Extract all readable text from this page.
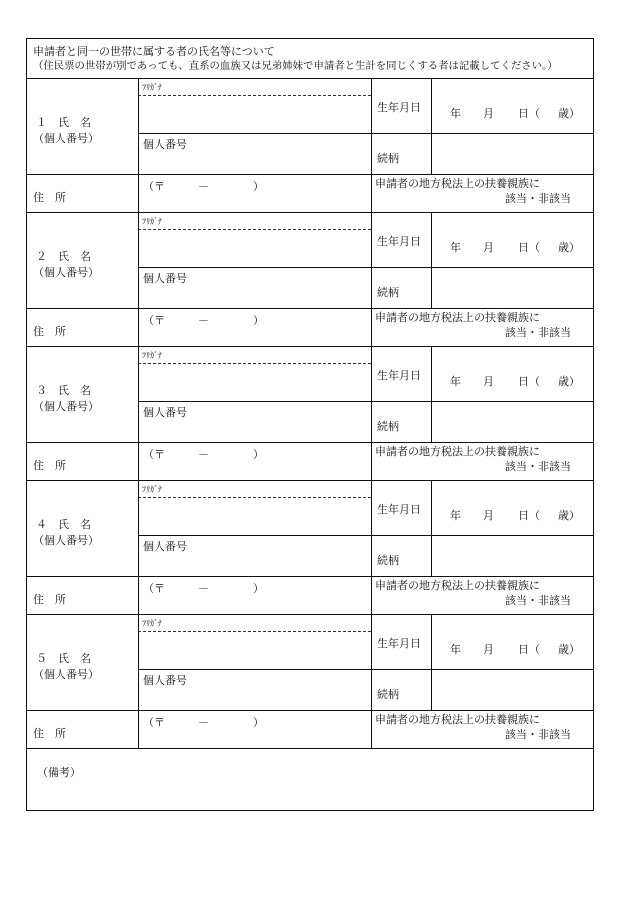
申請者と同一の世帯に属する者の氏名等について
（住民票の世帯が別であっても、直系の血族又は兄弟姉妹で申請者と生計を同じくする者は記載してください。）
１　氏　名
（個人番号）
ﾌﾘｶﾞﾅ
個人番号
生年月日	年 月 日（ 歳）
続柄
住　所
（〒　　　－　　　　）	申請者の地方税法上の扶養親族に
該当・非該当
２　氏　名
（個人番号）
ﾌﾘｶﾞﾅ
個人番号
生年月日	年 月 日（ 歳）
続柄
住　所
（〒　　　－　　　　）	申請者の地方税法上の扶養親族に
該当・非該当
３　氏　名
（個人番号）
ﾌﾘｶﾞﾅ
個人番号
生年月日	年 月 日（ 歳）
続柄
住　所
（〒　　　－　　　　）	申請者の地方税法上の扶養親族に
該当・非該当
４　氏　名
（個人番号）
ﾌﾘｶﾞﾅ
個人番号
生年月日	年 月 日（ 歳）
続柄
住　所
（〒　　　－　　　　）	申請者の地方税法上の扶養親族に
該当・非該当
５　氏　名
（個人番号）
ﾌﾘｶﾞﾅ
個人番号
生年月日	年 月 日（ 歳）
続柄
住　所
（〒　　　－　　　　）	申請者の地方税法上の扶養親族に
該当・非該当
（備考）
